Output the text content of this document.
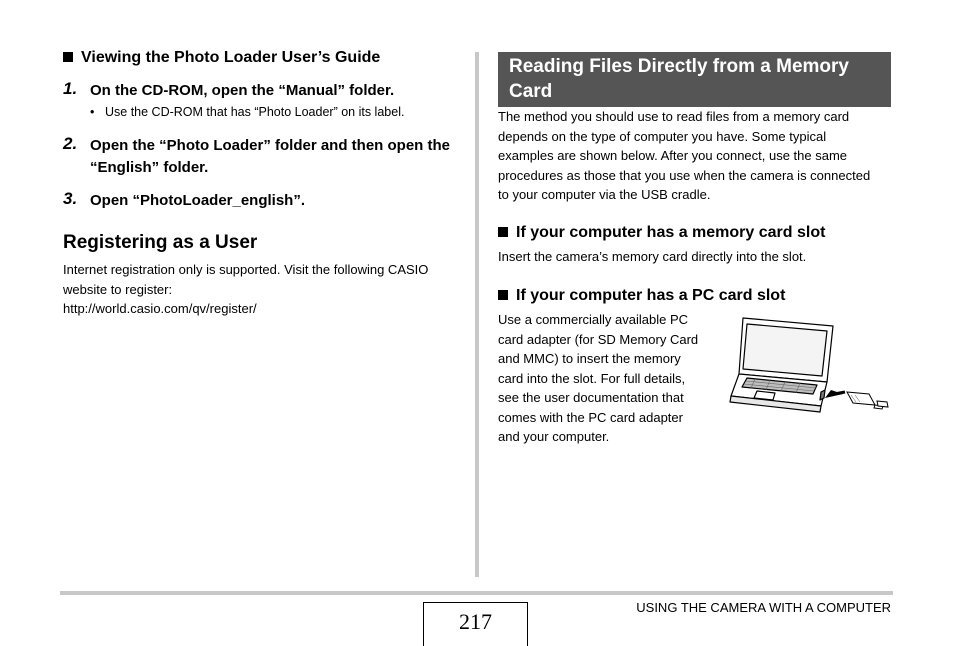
Viewing the Photo Loader User’s Guide
1. On the CD-ROM, open the “Manual” folder.
• Use the CD-ROM that has “Photo Loader” on its label.
2. Open the “Photo Loader” folder and then open the “English” folder.
3. Open “PhotoLoader_english”.
Registering as a User
Internet registration only is supported. Visit the following CASIO
website to register:
http://world.casio.com/qv/register/
Reading Files Directly from a Memory Card
The method you should use to read files from a memory card
depends on the type of computer you have. Some typical
examples are shown below. After you connect, use the same
procedures as those that you use when the camera is connected
to your computer via the USB cradle.
If your computer has a memory card slot
Insert the camera’s memory card directly into the slot.
If your computer has a PC card slot
Use a commercially available PC
card adapter (for SD Memory Card
and MMC) to insert the memory
card into the slot. For full details,
see the user documentation that
comes with the PC card adapter
and your computer.
217
USING THE CAMERA WITH A COMPUTER
